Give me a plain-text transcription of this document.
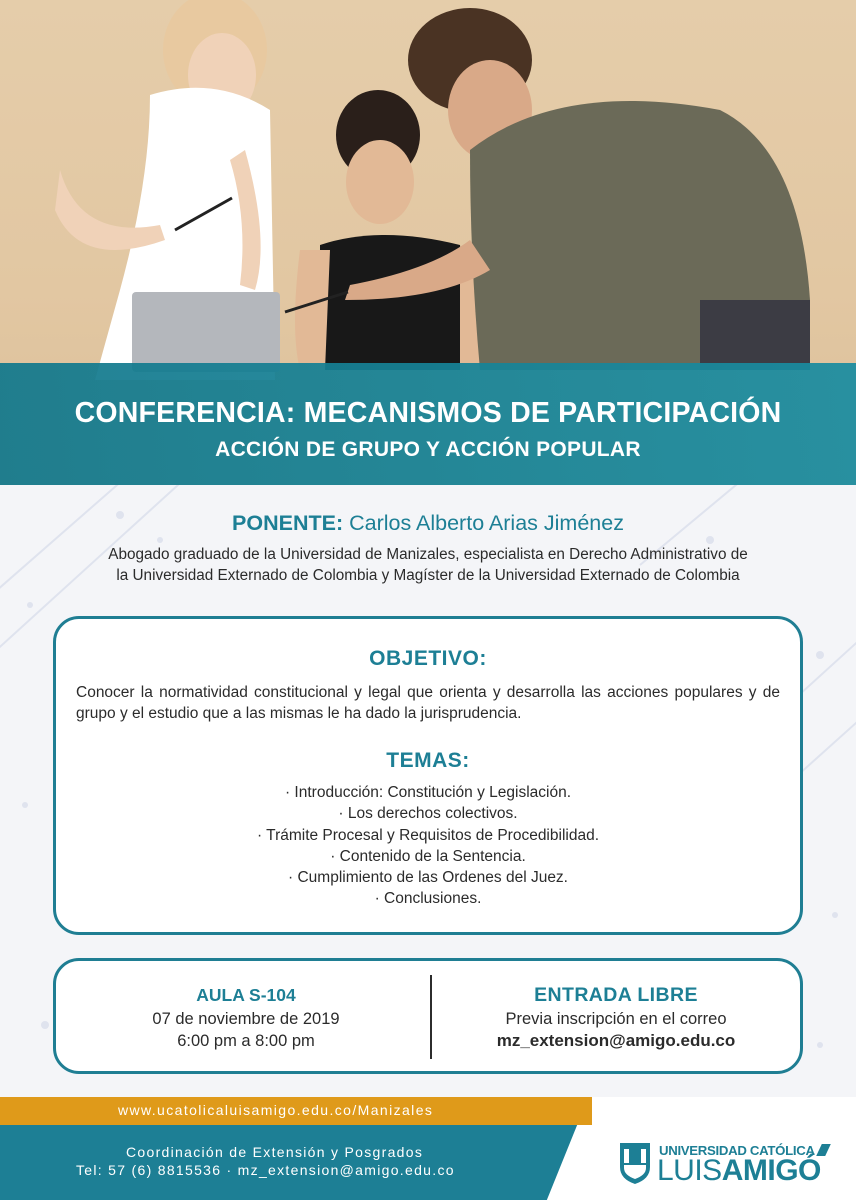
CONFERENCIA: MECANISMOS DE PARTICIPACIÓN
ACCIÓN DE GRUPO Y ACCIÓN POPULAR
PONENTE: Carlos Alberto Arias Jiménez
Abogado graduado de la Universidad de Manizales, especialista en Derecho Administrativo de
la Universidad Externado de Colombia y Magíster de la Universidad Externado de Colombia
OBJETIVO:
Conocer la normatividad constitucional y legal que orienta y desarrolla las acciones populares y de grupo y el estudio que a las mismas le ha dado la jurisprudencia.
TEMAS:
· Introducción: Constitución y Legislación.
· Los derechos colectivos.
· Trámite Procesal y Requisitos de Procedibilidad.
· Contenido de la Sentencia.
· Cumplimiento de las Ordenes del Juez.
· Conclusiones.
AULA S-104
07 de noviembre de 2019
6:00 pm a 8:00 pm
ENTRADA LIBRE
Previa inscripción en el correo
mz_extension@amigo.edu.co
www.ucatolicaluisamigo.edu.co/Manizales
Coordinación de Extensión y Posgrados
Tel: 57 (6) 8815536 · mz_extension@amigo.edu.co
UNIVERSIDAD CATÓLICA
LUISAMIGÓ
